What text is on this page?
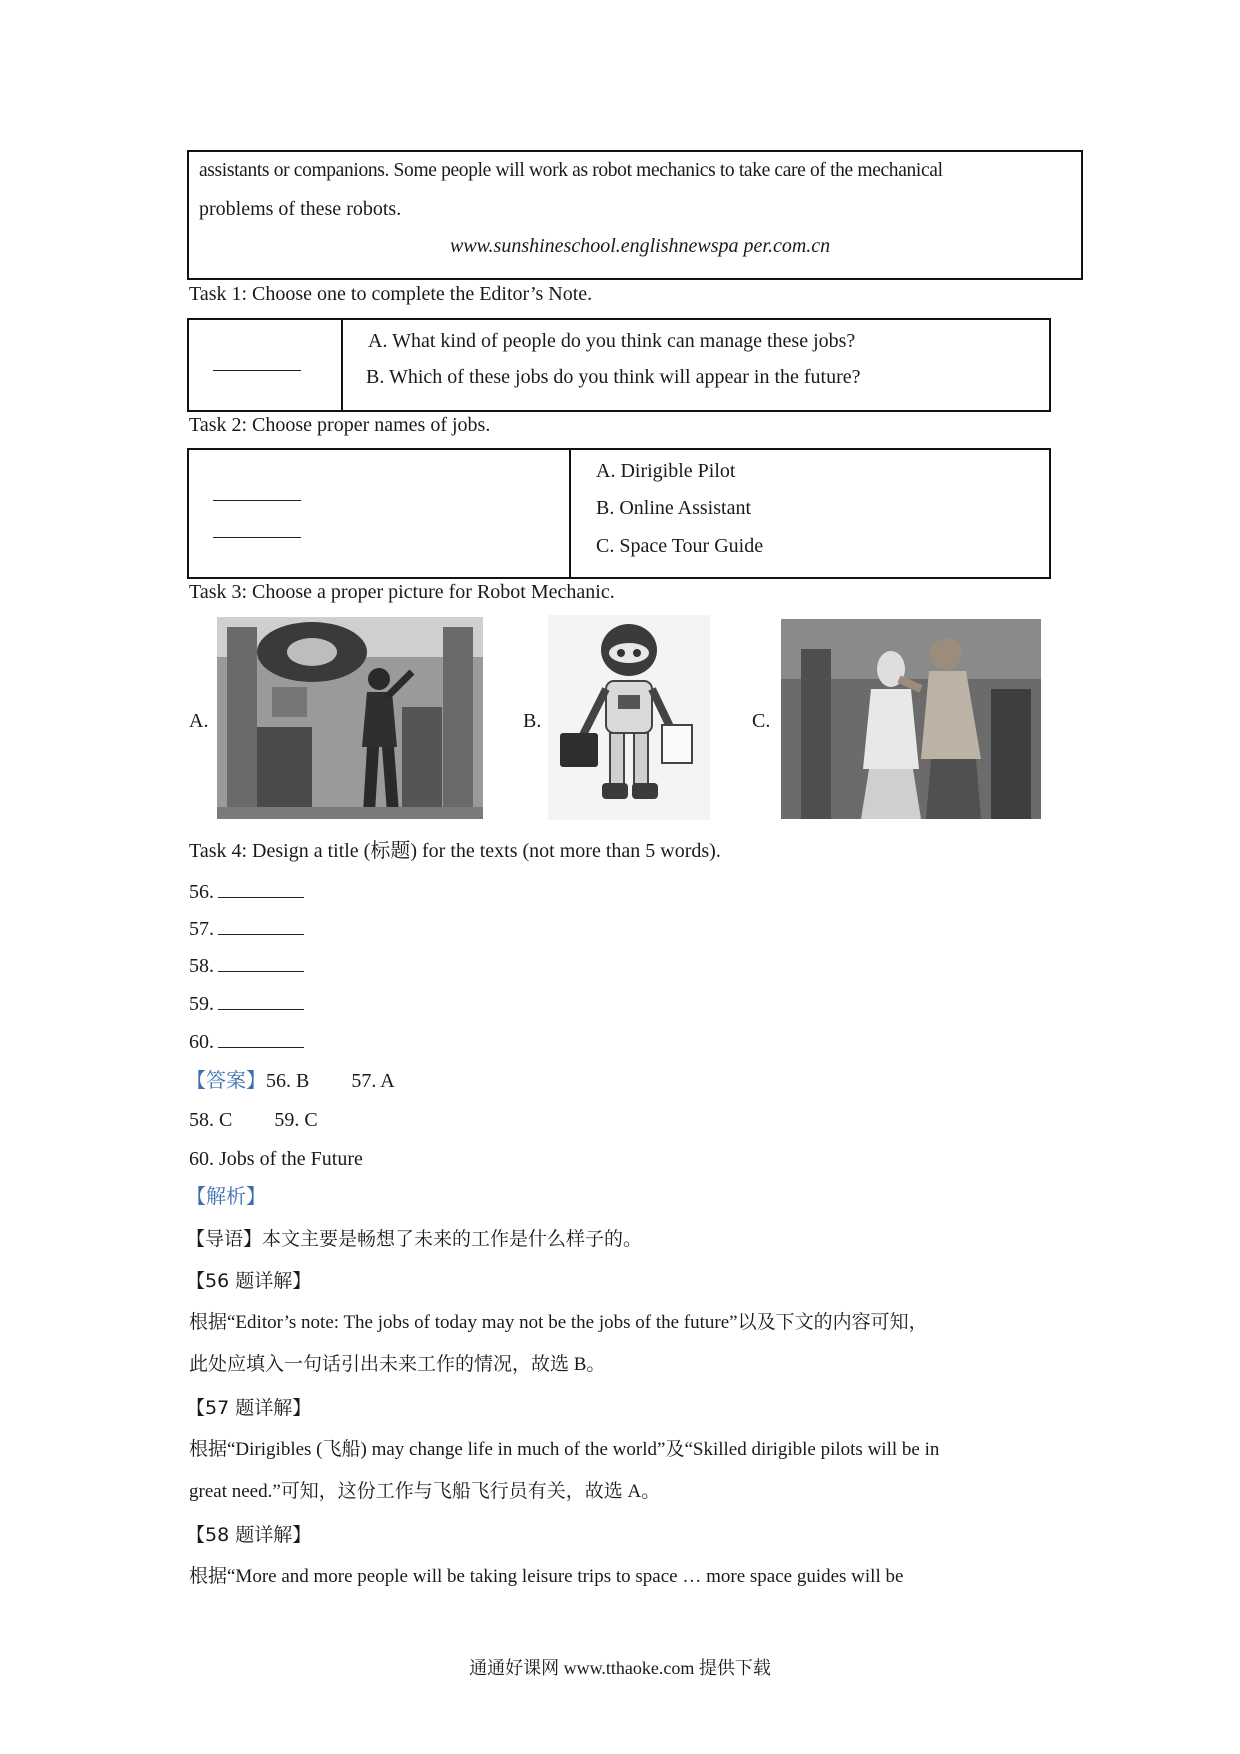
assistants or companions. Some people will work as robot mechanics to take care of the mechanical
problems of these robots.
www.sunshineschool.englishnewspa per.com.cn
Task 1: Choose one to complete the Editor’s Note.
A. What kind of people do you think can manage these jobs?
B. Which of these jobs do you think will appear in the future?
Task 2: Choose proper names of jobs.
A. Dirigible Pilot
B. Online Assistant
C. Space Tour Guide
Task 3: Choose a proper picture for Robot Mechanic.
A.	B.	C.
Task 4: Design a title (标题) for the texts (not more than 5 words).
56.
57.
58.
59.
60.
【答案】56. B 57. A
58. C 59. C
60. Jobs of the Future
【解析】
【导语】本文主要是畅想了未来的工作是什么样子的。
【56 题详解】
根据“Editor’s note: The jobs of today may not be the jobs of the future”以及下文的内容可知，
此处应填入一句话引出未来工作的情况，故选 B。
【57 题详解】
根据“Dirigibles (飞船) may change life in much of the world”及“Skilled dirigible pilots will be in
great need.”可知，这份工作与飞船飞行员有关，故选 A。
【58 题详解】
根据“More and more people will be taking leisure trips to space … more space guides will be
通通好课网 www.tthaoke.com 提供下载
